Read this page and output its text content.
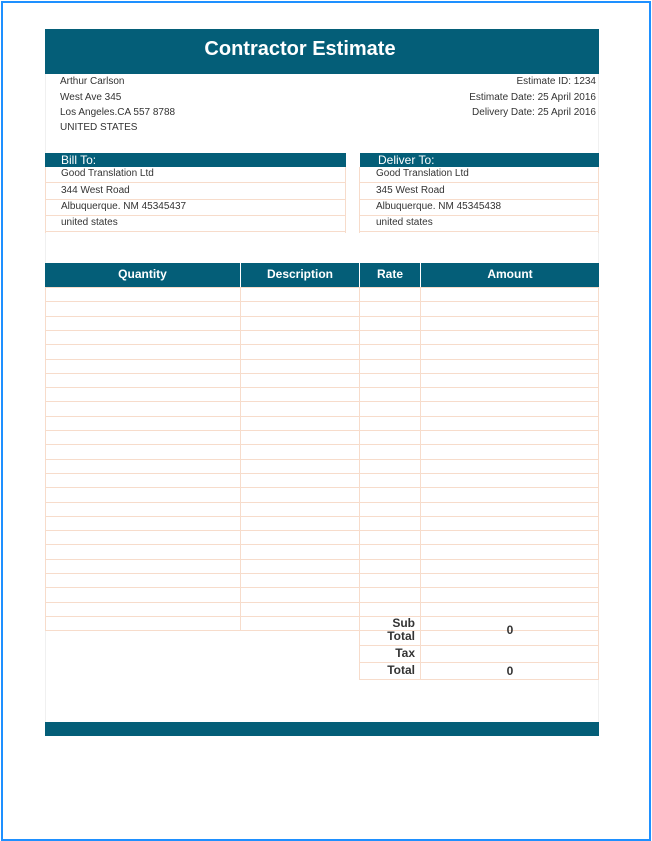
Contractor Estimate
Arthur Carlson
West Ave 345
Los Angeles.CA 557 8788
UNITED STATES
Estimate ID: 1234
Estimate Date: 25 April 2016
Delivery Date: 25 April 2016
Bill To:
Good Translation Ltd
344 West Road
Albuquerque. NM 45345437
united states
Deliver To:
Good Translation Ltd
345 West Road
Albuquerque. NM 45345438
united states
Quantity	Description	Rate	Amount
Sub
Total	0
Tax
Total	0
